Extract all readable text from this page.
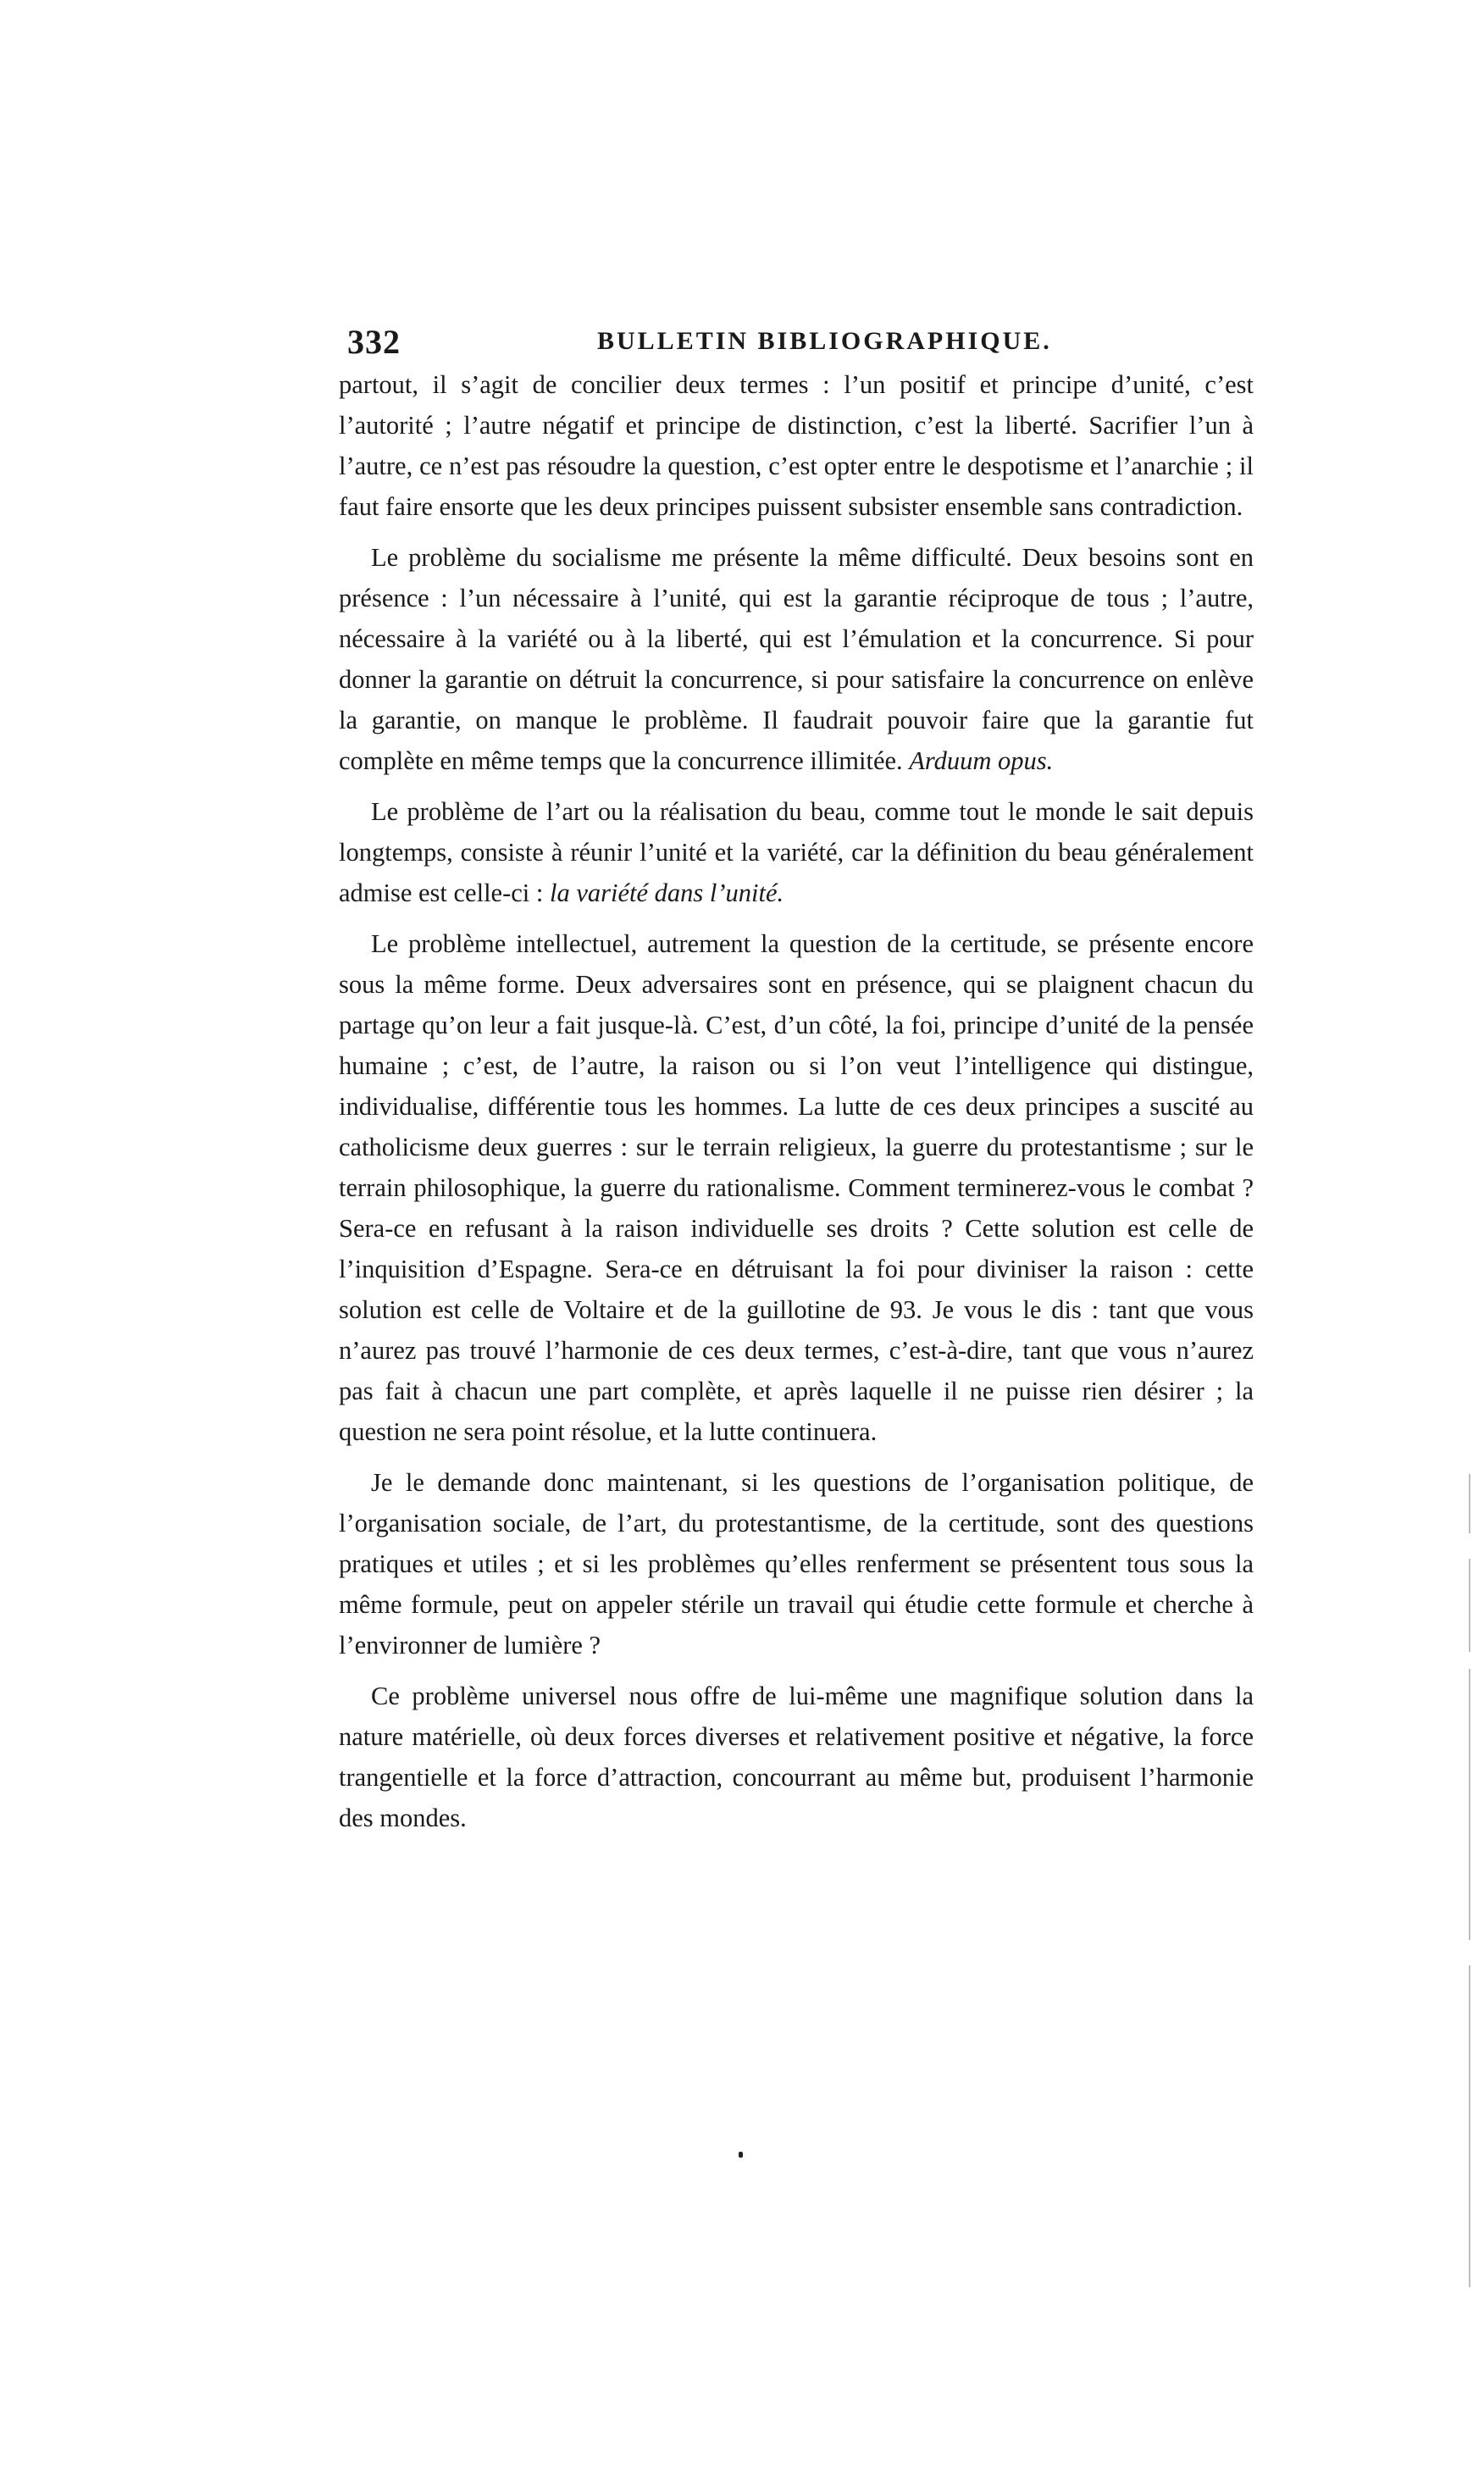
332	BULLETIN BIBLIOGRAPHIQUE.

partout, il s’agit de concilier deux termes : l’un positif et principe d’unité, c’est l’autorité ; l’autre négatif et principe de distinction, c’est la liberté. Sacrifier l’un à l’autre, ce n’est pas résoudre la question, c’est opter entre le despotisme et l’anarchie ; il faut faire ensorte que les deux principes puissent subsister ensemble sans contradiction.

Le problème du socialisme me présente la même difficulté. Deux besoins sont en présence : l’un nécessaire à l’unité, qui est la garantie réciproque de tous ; l’autre, nécessaire à la variété ou à la liberté, qui est l’émulation et la concurrence. Si pour donner la garantie on détruit la concurrence, si pour satisfaire la concurrence on enlève la garantie, on manque le problème. Il faudrait pouvoir faire que la garantie fut complète en même temps que la concurrence illimitée. Arduum opus.

Le problème de l’art ou la réalisation du beau, comme tout le monde le sait depuis longtemps, consiste à réunir l’unité et la variété, car la définition du beau généralement admise est celle-ci : la variété dans l’unité.

Le problème intellectuel, autrement la question de la certitude, se présente encore sous la même forme. Deux adversaires sont en présence, qui se plaignent chacun du partage qu’on leur a fait jusque-là. C’est, d’un côté, la foi, principe d’unité de la pensée humaine ; c’est, de l’autre, la raison ou si l’on veut l’intelligence qui distingue, individualise, différentie tous les hommes. La lutte de ces deux principes a suscité au catholicisme deux guerres : sur le terrain religieux, la guerre du protestantisme ; sur le terrain philosophique, la guerre du rationalisme. Comment terminerez-vous le combat ? Sera-ce en refusant à la raison individuelle ses droits ? Cette solution est celle de l’inquisition d’Espagne. Sera-ce en détruisant la foi pour diviniser la raison : cette solution est celle de Voltaire et de la guillotine de 93. Je vous le dis : tant que vous n’aurez pas trouvé l’harmonie de ces deux termes, c’est-à-dire, tant que vous n’aurez pas fait à chacun une part complète, et après laquelle il ne puisse rien désirer ; la question ne sera point résolue, et la lutte continuera.

Je le demande donc maintenant, si les questions de l’organisation politique, de l’organisation sociale, de l’art, du protestantisme, de la certitude, sont des questions pratiques et utiles ; et si les problèmes qu’elles renferment se présentent tous sous la même formule, peut on appeler stérile un travail qui étudie cette formule et cherche à l’environner de lumière ?

Ce problème universel nous offre de lui-même une magnifique solution dans la nature matérielle, où deux forces diverses et relativement positive et négative, la force trangentielle et la force d’attraction, concourrant au même but, produisent l’harmonie des mondes.
